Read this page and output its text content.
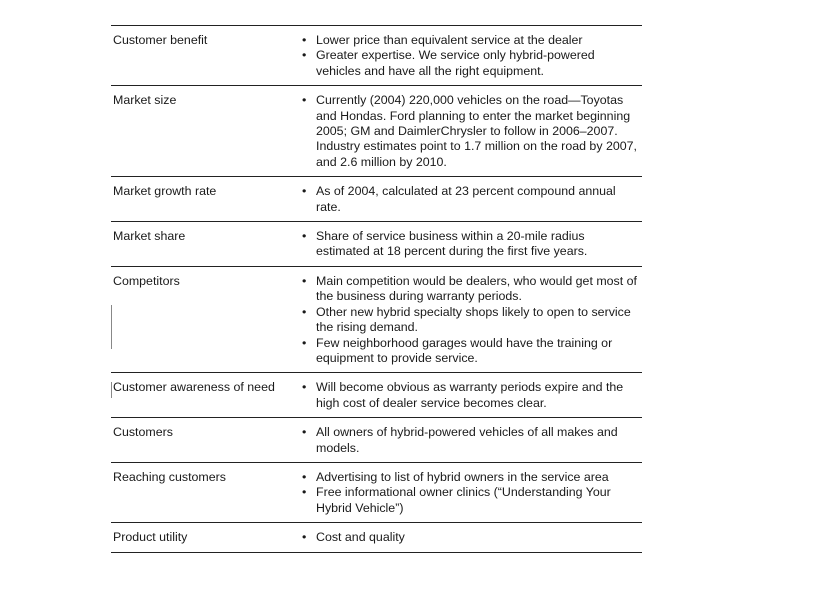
Customer benefit	• Lower price than equivalent service at the dealer
• Greater expertise. We service only hybrid-powered vehicles and have all the right equipment.
Market size	• Currently (2004) 220,000 vehicles on the road—Toyotas and Hondas. Ford planning to enter the market beginning 2005; GM and DaimlerChrysler to follow in 2006–2007. Industry estimates point to 1.7 million on the road by 2007, and 2.6 million by 2010.
Market growth rate	• As of 2004, calculated at 23 percent compound annual rate.
Market share	• Share of service business within a 20-mile radius estimated at 18 percent during the first five years.
Competitors	• Main competition would be dealers, who would get most of the business during warranty periods.
• Other new hybrid specialty shops likely to open to service the rising demand.
• Few neighborhood garages would have the training or equipment to provide service.
Customer awareness of need	• Will become obvious as warranty periods expire and the high cost of dealer service becomes clear.
Customers	• All owners of hybrid-powered vehicles of all makes and models.
Reaching customers	• Advertising to list of hybrid owners in the service area
• Free informational owner clinics (“Understanding Your Hybrid Vehicle”)
Product utility	• Cost and quality
